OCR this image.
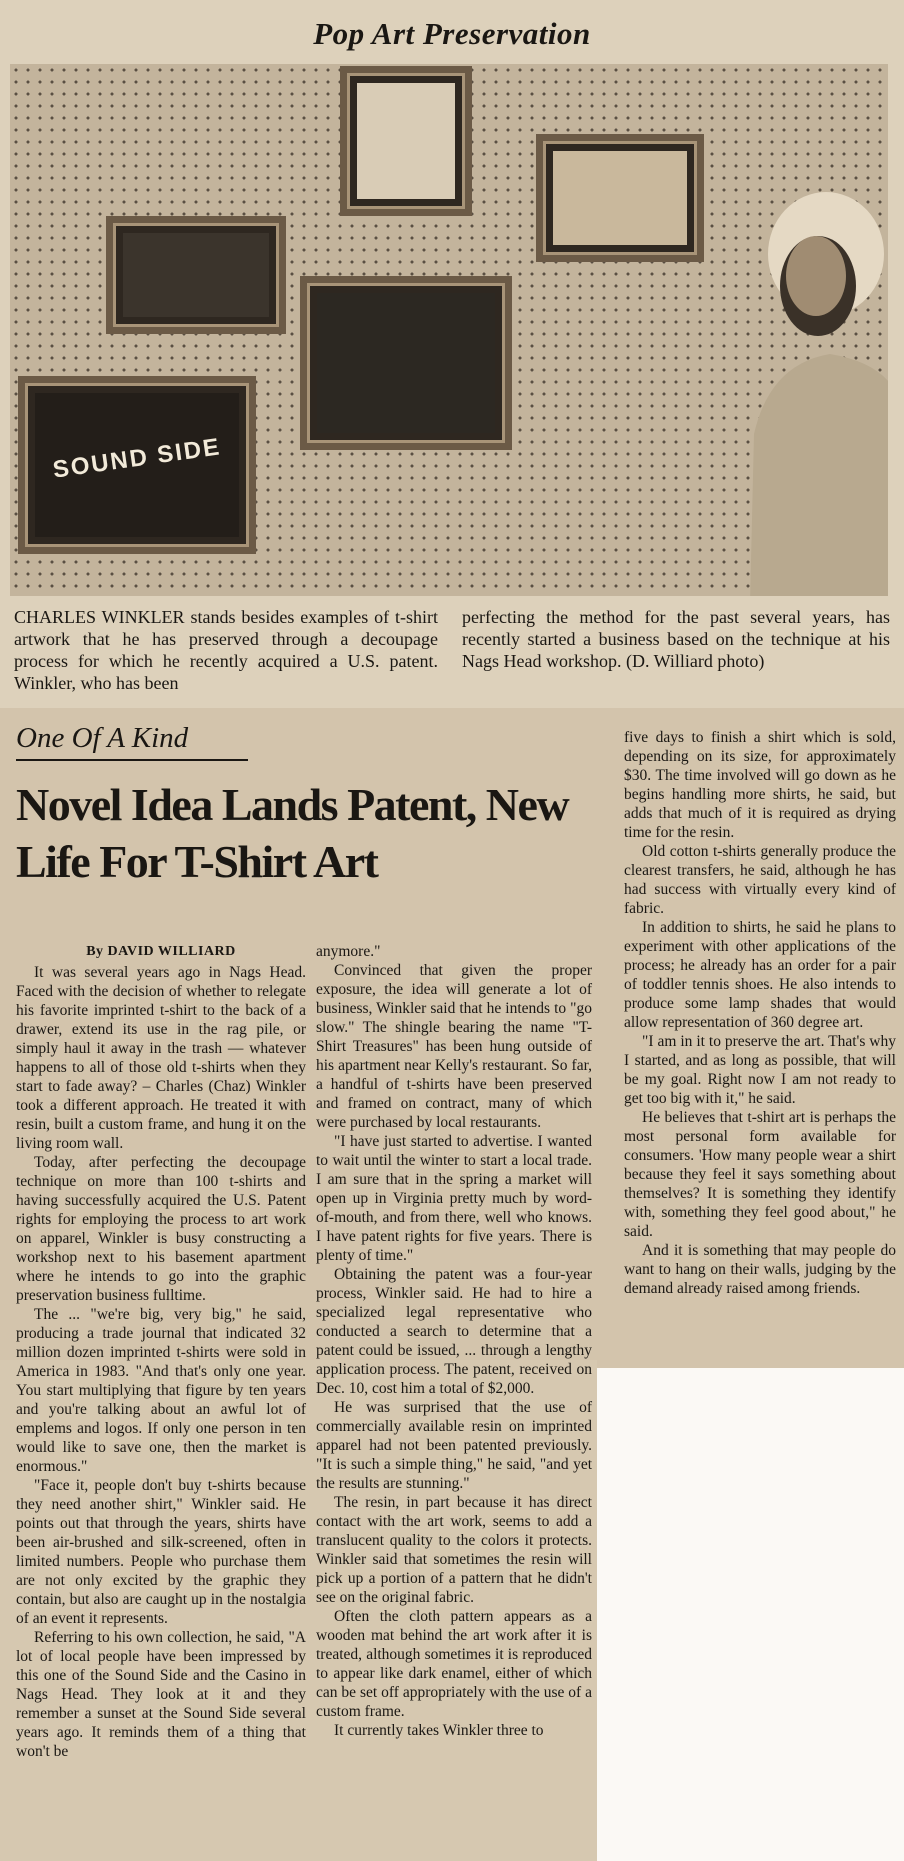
Pop Art Preservation
SOUND SIDE
CHARLES WINKLER stands besides examples of t-shirt artwork that he has preserved through a decoupage process for which he recently acquired a U.S. patent. Winkler, who has been
perfecting the method for the past several years, has recently started a business based on the technique at his Nags Head workshop. (D. Williard photo)
One Of A Kind
Novel Idea Lands Patent, New Life For T-Shirt Art
By DAVID WILLIARD

It was several years ago in Nags Head. Faced with the decision of whether to relegate his favorite imprinted t-shirt to the back of a drawer, extend its use in the rag pile, or simply haul it away in the trash — whatever happens to all of those old t-shirts when they start to fade away? – Charles (Chaz) Winkler took a different approach. He treated it with resin, built a custom frame, and hung it on the living room wall.

Today, after perfecting the decoupage technique on more than 100 t-shirts and having successfully acquired the U.S. Patent rights for employing the process to art work on apparel, Winkler is busy constructing a workshop next to his basement apartment where he intends to go into the graphic preservation business fulltime.

The ... "we're big, very big," he said, producing a trade journal that indicated 32 million dozen imprinted t-shirts were sold in America in 1983. "And that's only one year. You start multiplying that figure by ten years and you're talking about an awful lot of emplems and logos. If only one person in ten would like to save one, then the market is enormous."

"Face it, people don't buy t-shirts because they need another shirt," Winkler said. He points out that through the years, shirts have been air-brushed and silk-screened, often in limited numbers. People who purchase them are not only excited by the graphic they contain, but also are caught up in the nostalgia of an event it represents.

Referring to his own collection, he said, "A lot of local people have been impressed by this one of the Sound Side and the Casino in Nags Head. They look at it and they remember a sunset at the Sound Side several years ago. It reminds them of a thing that won't be

anymore."

Convinced that given the proper exposure, the idea will generate a lot of business, Winkler said that he intends to "go slow." The shingle bearing the name "T-Shirt Treasures" has been hung outside of his apartment near Kelly's restaurant. So far, a handful of t-shirts have been preserved and framed on contract, many of which were purchased by local restaurants.

"I have just started to advertise. I wanted to wait until the winter to start a local trade. I am sure that in the spring a market will open up in Virginia pretty much by word-of-mouth, and from there, well who knows. I have patent rights for five years. There is plenty of time."

Obtaining the patent was a four-year process, Winkler said. He had to hire a specialized legal representative who conducted a search to determine that a patent could be issued, ... through a lengthy application process. The patent, received on Dec. 10, cost him a total of $2,000.

He was surprised that the use of commercially available resin on imprinted apparel had not been patented previously. "It is such a simple thing," he said, "and yet the results are stunning."

The resin, in part because it has direct contact with the art work, seems to add a translucent quality to the colors it protects. Winkler said that sometimes the resin will pick up a portion of a pattern that he didn't see on the original fabric.

Often the cloth pattern appears as a wooden mat behind the art work after it is treated, although sometimes it is reproduced to appear like dark enamel, either of which can be set off appropriately with the use of a custom frame.

It currently takes Winkler three to

five days to finish a shirt which is sold, depending on its size, for approximately $30. The time involved will go down as he begins handling more shirts, he said, but adds that much of it is required as drying time for the resin.

Old cotton t-shirts generally produce the clearest transfers, he said, although he has had success with virtually every kind of fabric.

In addition to shirts, he said he plans to experiment with other applications of the process; he already has an order for a pair of toddler tennis shoes. He also intends to produce some lamp shades that would allow representation of 360 degree art.

"I am in it to preserve the art. That's why I started, and as long as possible, that will be my goal. Right now I am not ready to get too big with it," he said.

He believes that t-shirt art is perhaps the most personal form available for consumers. 'How many people wear a shirt because they feel it says something about themselves? It is something they identify with, something they feel good about," he said.

And it is something that may people do want to hang on their walls, judging by the demand already raised among friends.
